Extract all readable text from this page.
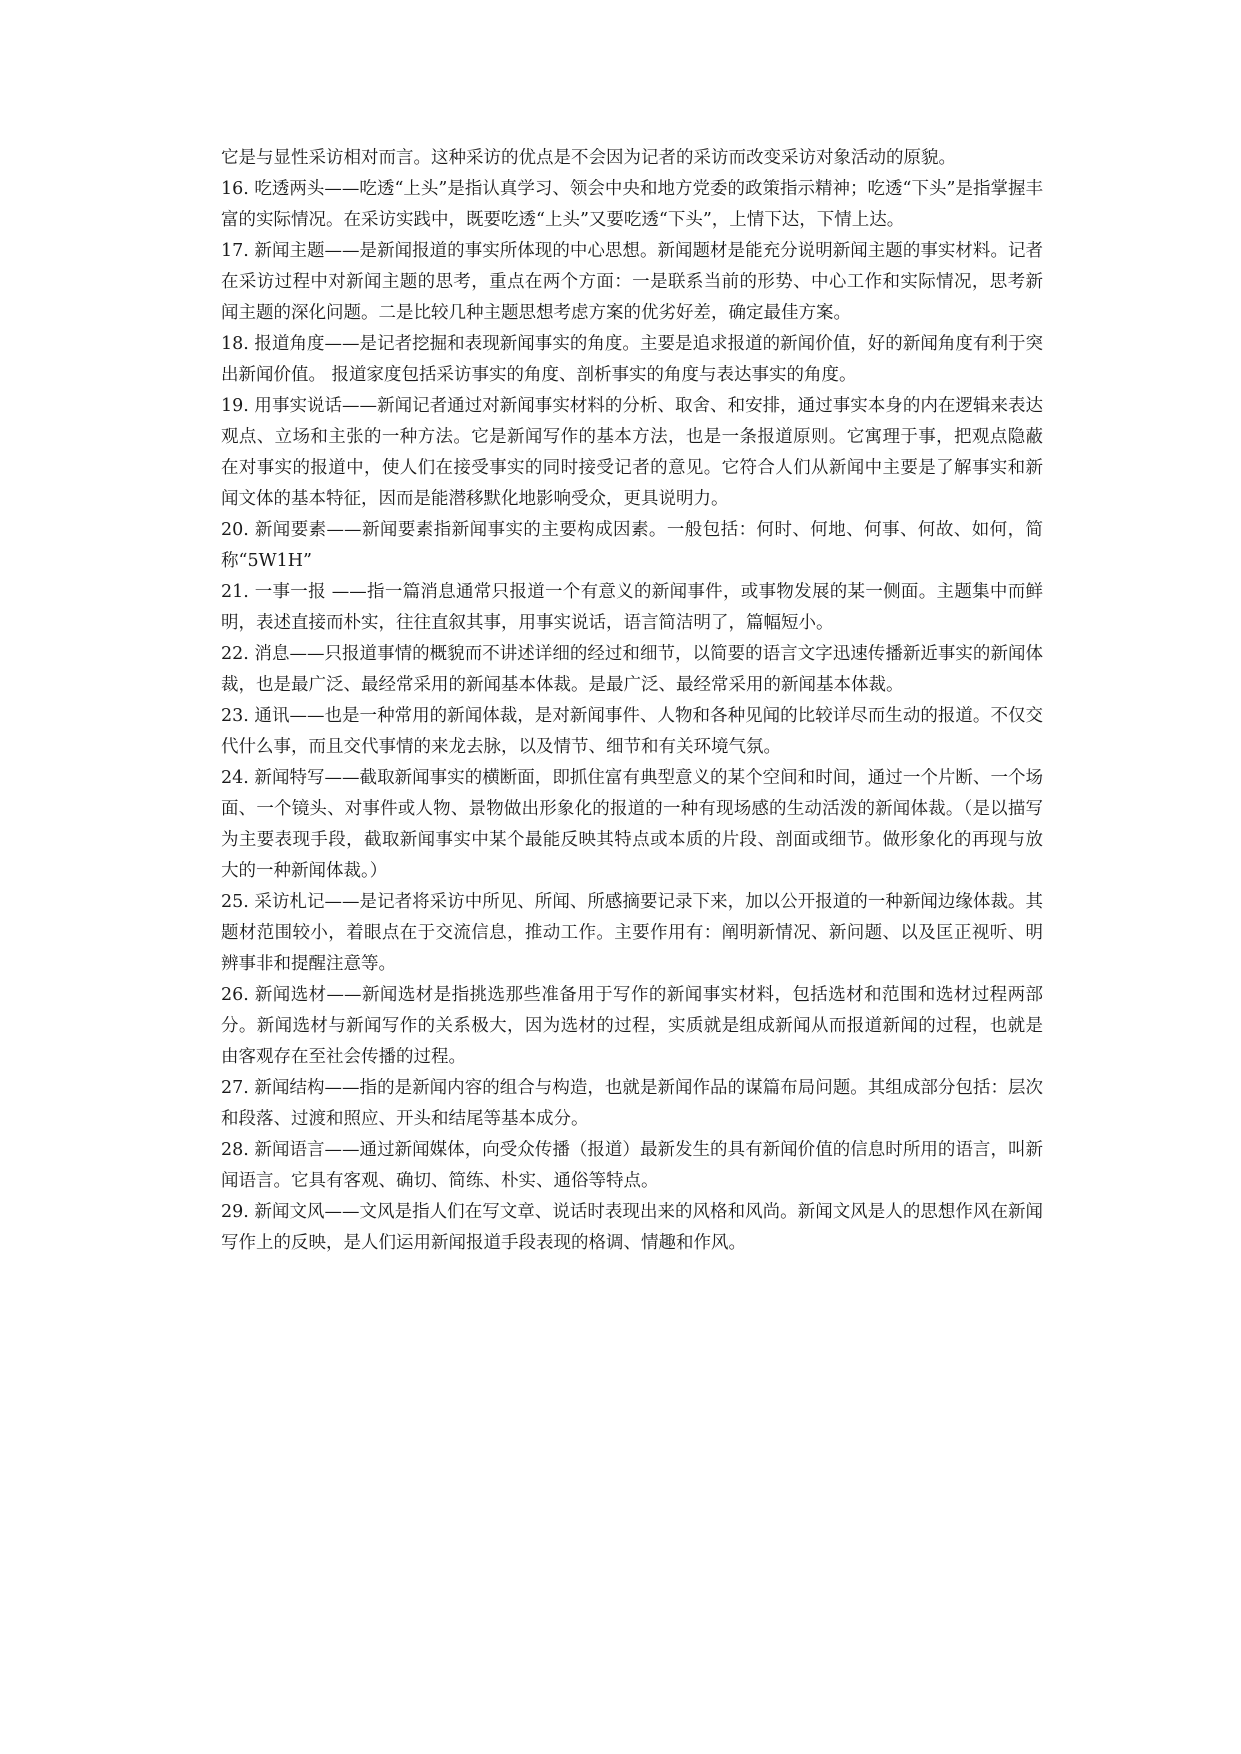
它是与显性采访相对而言。这种采访的优点是不会因为记者的采访而改变采访对象活动的原貌。

16. 吃透两头——吃透“上头”是指认真学习、领会中央和地方党委的政策指示精神；吃透“下头”是指掌握丰富的实际情况。在采访实践中，既要吃透“上头”又要吃透“下头”，上情下达，下情上达。

17. 新闻主题——是新闻报道的事实所体现的中心思想。新闻题材是能充分说明新闻主题的事实材料。记者在采访过程中对新闻主题的思考，重点在两个方面：一是联系当前的形势、中心工作和实际情况，思考新闻主题的深化问题。二是比较几种主题思想考虑方案的优劣好差，确定最佳方案。

18. 报道角度——是记者挖掘和表现新闻事实的角度。主要是追求报道的新闻价值，好的新闻角度有利于突出新闻价值。 报道家度包括采访事实的角度、剖析事实的角度与表达事实的角度。

19. 用事实说话——新闻记者通过对新闻事实材料的分析、取舍、和安排，通过事实本身的内在逻辑来表达观点、立场和主张的一种方法。它是新闻写作的基本方法，也是一条报道原则。它寓理于事，把观点隐蔽在对事实的报道中，使人们在接受事实的同时接受记者的意见。它符合人们从新闻中主要是了解事实和新闻文体的基本特征，因而是能潜移默化地影响受众，更具说明力。

20. 新闻要素——新闻要素指新闻事实的主要构成因素。一般包括：何时、何地、何事、何故、如何，简称“5W1H”

21. 一事一报 ——指一篇消息通常只报道一个有意义的新闻事件，或事物发展的某一侧面。主题集中而鲜明，表述直接而朴实，往往直叙其事，用事实说话，语言简洁明了，篇幅短小。

22. 消息——只报道事情的概貌而不讲述详细的经过和细节，以简要的语言文字迅速传播新近事实的新闻体裁，也是最广泛、最经常采用的新闻基本体裁。是最广泛、最经常采用的新闻基本体裁。

23. 通讯——也是一种常用的新闻体裁，是对新闻事件、人物和各种见闻的比较详尽而生动的报道。不仅交代什么事，而且交代事情的来龙去脉，以及情节、细节和有关环境气氛。

24. 新闻特写——截取新闻事实的横断面，即抓住富有典型意义的某个空间和时间，通过一个片断、一个场面、一个镜头、对事件或人物、景物做出形象化的报道的一种有现场感的生动活泼的新闻体裁。（是以描写为主要表现手段，截取新闻事实中某个最能反映其特点或本质的片段、剖面或细节。做形象化的再现与放大的一种新闻体裁。）

25. 采访札记——是记者将采访中所见、所闻、所感摘要记录下来，加以公开报道的一种新闻边缘体裁。其题材范围较小，着眼点在于交流信息，推动工作。主要作用有：阐明新情况、新问题、以及匡正视听、明辨事非和提醒注意等。

26. 新闻选材——新闻选材是指挑选那些准备用于写作的新闻事实材料，包括选材和范围和选材过程两部分。新闻选材与新闻写作的关系极大，因为选材的过程，实质就是组成新闻从而报道新闻的过程，也就是由客观存在至社会传播的过程。

27. 新闻结构——指的是新闻内容的组合与构造，也就是新闻作品的谋篇布局问题。其组成部分包括：层次和段落、过渡和照应、开头和结尾等基本成分。

28. 新闻语言——通过新闻媒体，向受众传播（报道）最新发生的具有新闻价值的信息时所用的语言，叫新闻语言。它具有客观、确切、简练、朴实、通俗等特点。

29. 新闻文风——文风是指人们在写文章、说话时表现出来的风格和风尚。新闻文风是人的思想作风在新闻写作上的反映，是人们运用新闻报道手段表现的格调、情趣和作风。
